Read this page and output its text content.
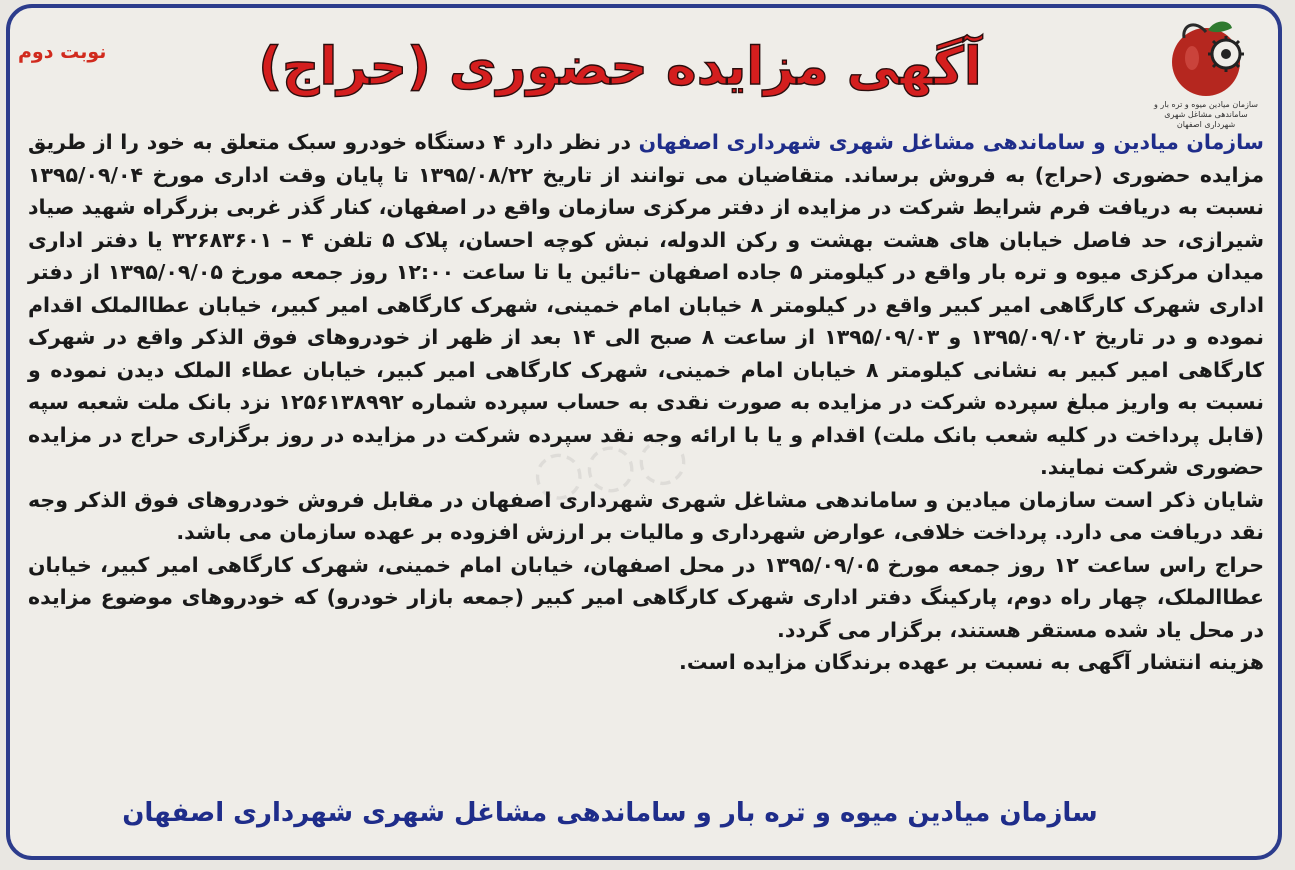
سازمان میادین میوه و تره بار و ساماندهی مشاغل شهری شهرداری اصفهان
نوبت دوم	آگهی مزایده حضوری (حراج)

سازمان میادین و ساماندهی مشاغل شهری شهرداری اصفهان در نظر دارد ۴ دستگاه خودرو سبک متعلق به خود را از طریق مزایده حضوری (حراج) به فروش برساند. متقاضیان می توانند از تاریخ ۱۳۹۵/۰۸/۲۲ تا پایان وقت اداری مورخ ۱۳۹۵/۰۹/۰۴ نسبت به دریافت فرم شرایط شرکت در مزایده از دفتر مرکزی سازمان واقع در اصفهان، کنار گذر غربی بزرگراه شهید صیاد شیرازی، حد فاصل خیابان های هشت بهشت و رکن الدوله، نبش کوچه احسان، پلاک ۵ تلفن ۴ – ۳۲۶۸۳۶۰۱ یا دفتر اداری میدان مرکزی میوه و تره بار واقع در کیلومتر ۵ جاده اصفهان –نائین یا تا ساعت ۱۲:۰۰ روز جمعه مورخ ۱۳۹۵/۰۹/۰۵ از دفتر اداری شهرک کارگاهی امیر کبیر واقع در کیلومتر ۸ خیابان امام خمینی، شهرک کارگاهی امیر کبیر، خیابان عطاالملک اقدام نموده و در تاریخ ۱۳۹۵/۰۹/۰۲ و ۱۳۹۵/۰۹/۰۳ از ساعت ۸ صبح الی ۱۴ بعد از ظهر از خودروهای فوق الذکر واقع در شهرک کارگاهی امیر کبیر به نشانی کیلومتر ۸ خیابان امام خمینی، شهرک کارگاهی امیر کبیر، خیابان عطاء الملک دیدن نموده و نسبت به واریز مبلغ سپرده شرکت در مزایده به صورت نقدی به حساب سپرده شماره ۱۲۵۶۱۳۸۹۹۲ نزد بانک ملت شعبه سپه (قابل پرداخت در کلیه شعب بانک ملت) اقدام و یا با ارائه وجه نقد سپرده شرکت در مزایده در روز برگزاری حراج در مزایده حضوری شرکت نمایند.

شایان ذکر است سازمان میادین و ساماندهی مشاغل شهری شهرداری اصفهان در مقابل فروش خودروهای فوق الذکر وجه نقد دریافت می دارد. پرداخت خلافی، عوارض شهرداری و مالیات بر ارزش افزوده بر عهده سازمان می باشد.

حراج راس ساعت ۱۲ روز جمعه مورخ ۱۳۹۵/۰۹/۰۵ در محل اصفهان، خیابان امام خمینی، شهرک کارگاهی امیر کبیر، خیابان عطاالملک، چهار راه دوم، پارکینگ دفتر اداری شهرک کارگاهی امیر کبیر (جمعه بازار خودرو) که خودروهای موضوع مزایده در محل یاد شده مستقر هستند، برگزار می گردد.

هزینه انتشار آگهی به نسبت بر عهده برندگان مزایده است.

سازمان میادین میوه و تره بار و ساماندهی مشاغل شهری شهرداری اصفهان
